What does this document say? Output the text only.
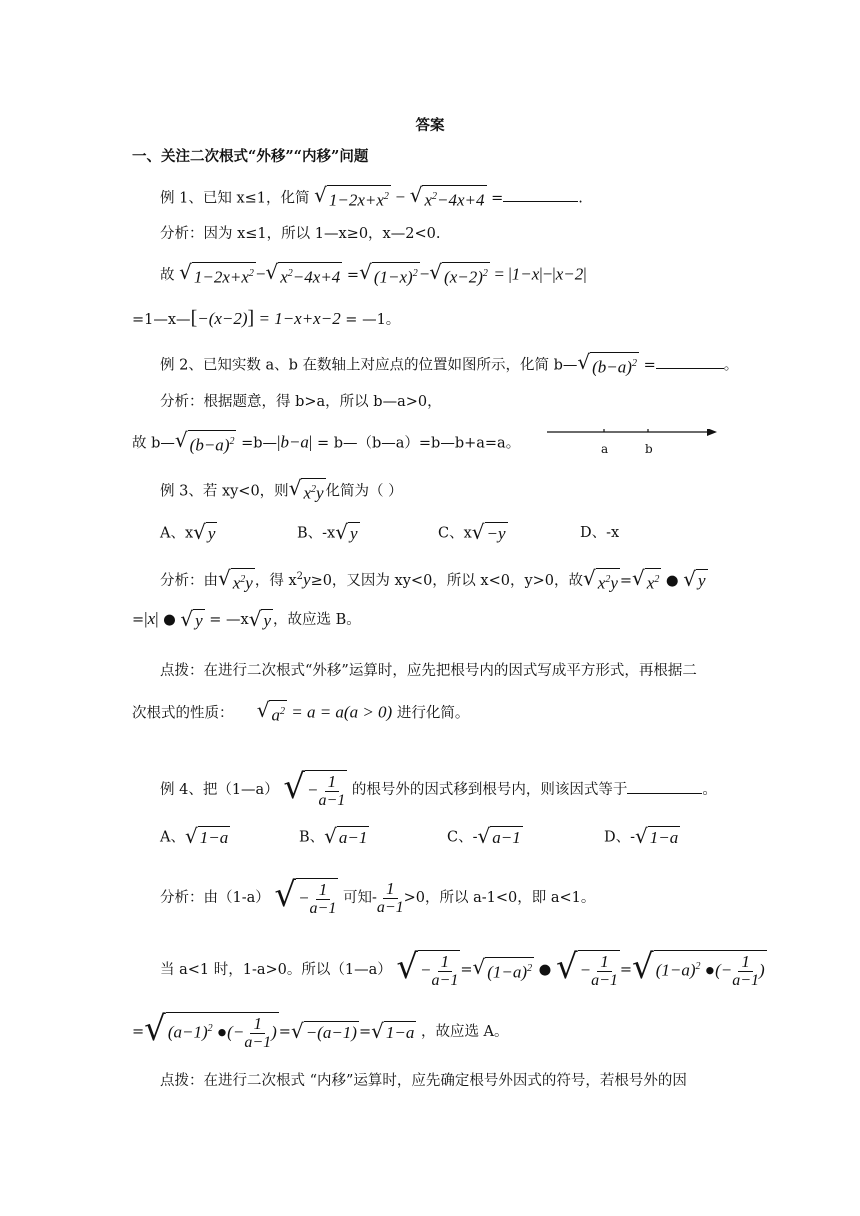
答案
一、关注二次根式“外移”“内移”问题
例 1、已知 x≤1，化简 √ $1-2x+x^2$ − √ $x^2-4x+4$ =	.
分析：因为 x≤1，所以 1—x≥0，x—2<0.
故 √ $1-2x+x^2$ − √ $x^2-4x+4$ = √ $(1-x)^2$ − √ $(x-2)^2 = |1-x|-|x-2|$
=1—x—[−(x−2)] = 1−x+x−2 = —1。
例 2、已知实数 a、b 在数轴上对应点的位置如图所示，化简 b— √ $(b-a)^2$ =	。
分析：根据题意，得 b>a，所以 b—a>0，
故 b— √ $(b-a)^2$ =b—|b−a| = b—（b—a）=b—b+a=a。	a	b
例 3、若 xy<0，则 √ $x^2y$ 化简为（ ）
A、x √ y	B、-x √ y	C、x √ −y	D、-x
分析：由 √ $x^2y$ ，得 $x^2y\ge 0$，又因为 xy<0，所以 x<0，y>0，故 √ $x^2y$ = √ $x^2$ ● √ y
=|x| ● √ y = —x √ y ，故应选 B。
点拨：在进行二次根式“外移”运算时，应先把根号内的因式写成平方形式，再根据二
次根式的性质： √ $a^2 = a = a(a > 0)$ 进行化简。
例 4、把（1—a） √ − $\frac{1}{a-1}$ 的根号外的因式移到根号内，则该因式等于	。
A、 √ 1−a	B、 √ a−1	C、- √ a−1	D、- √ 1−a
分析：由（1-a） √ − $\frac{1}{a-1}$ 可知- $\frac{1}{a-1} >0$，所以 a-1<0，即 a<1。
当 a<1 时，1-a>0。所以（1—a） √ − $\frac{1}{a-1}$ = √ $(1-a)^2$ ● √ − $\frac{1}{a-1}$ = √ $(1-a)^2$ ●(− $\frac{1}{a-1}$ )
= √ $(a-1)^2$ ●(− $\frac{1}{a-1}$ ) = √ −(a−1) = √ 1−a ，故应选 A。
点拨：在进行二次根式 “内移”运算时，应先确定根号外因式的符号，若根号外的因
